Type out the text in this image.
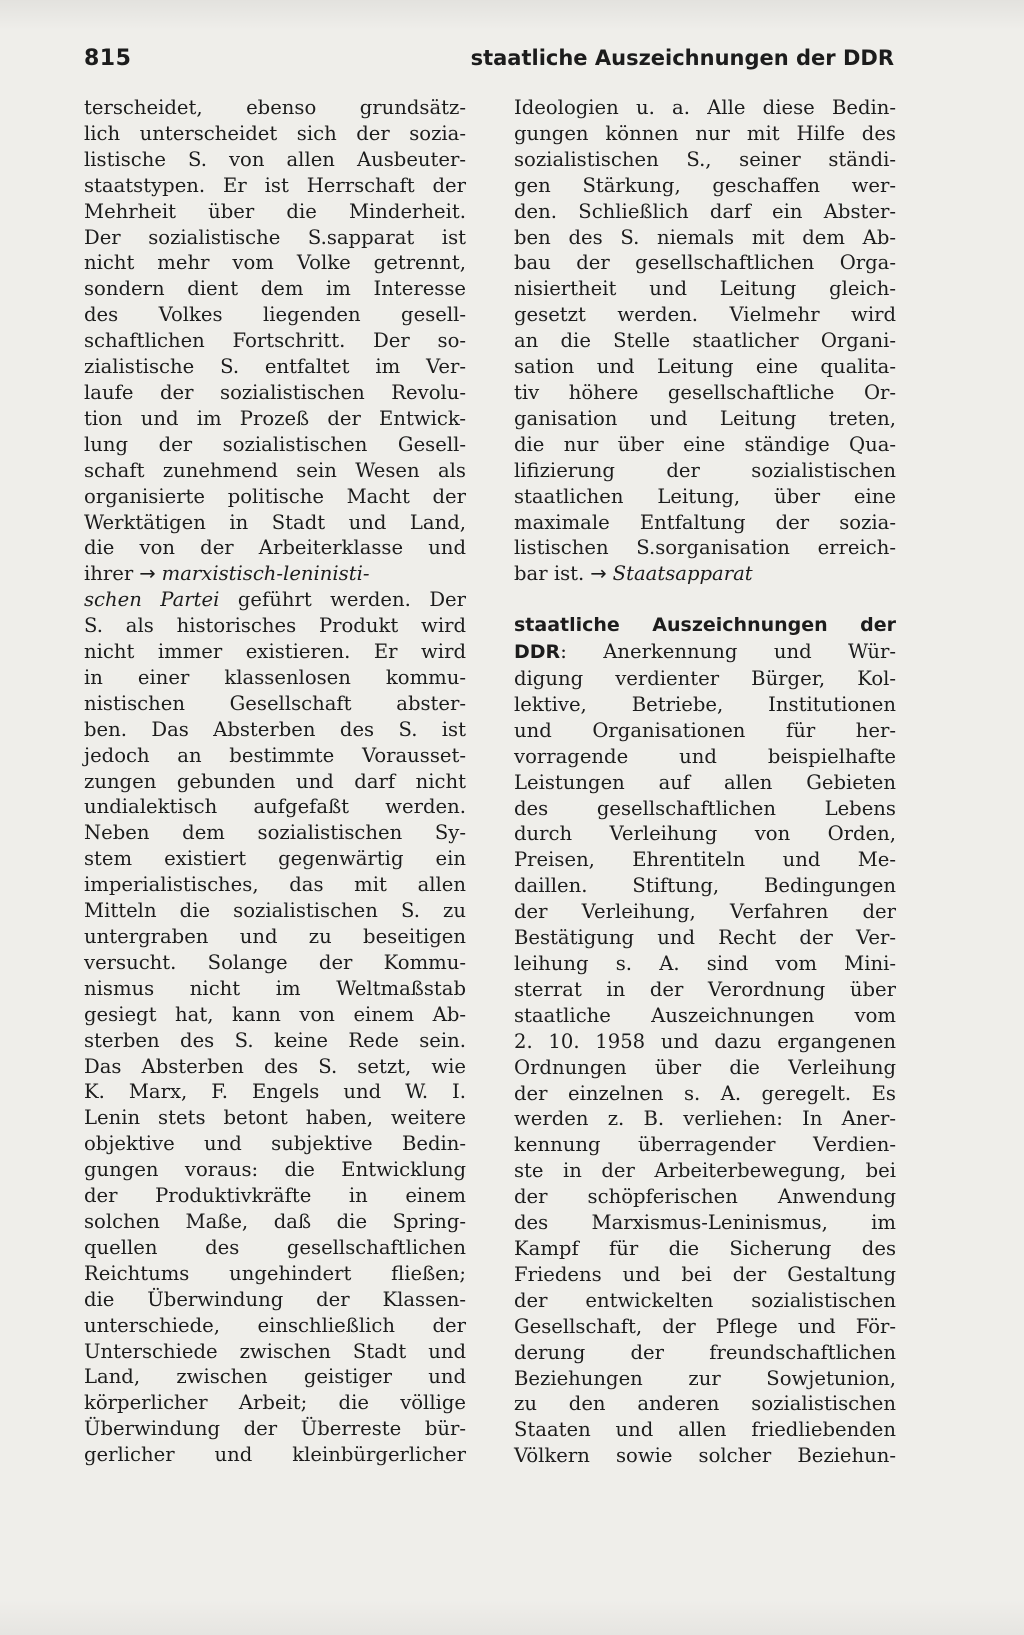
815	staatliche Auszeichnungen der DDR
terscheidet, ebenso grundsätz-
lich unterscheidet sich der sozia-
listische S. von allen Ausbeuter-
staatstypen. Er ist Herrschaft der
Mehrheit über die Minderheit.
Der sozialistische S.sapparat ist
nicht mehr vom Volke getrennt,
sondern dient dem im Interesse
des Volkes liegenden gesell-
schaftlichen Fortschritt. Der so-
zialistische S. entfaltet im Ver-
laufe der sozialistischen Revolu-
tion und im Prozeß der Entwick-
lung der sozialistischen Gesell-
schaft zunehmend sein Wesen als
organisierte politische Macht der
Werktätigen in Stadt und Land,
die von der Arbeiterklasse und
ihrer → marxistisch-leninisti-
schen Partei geführt werden. Der
S. als historisches Produkt wird
nicht immer existieren. Er wird
in einer klassenlosen kommu-
nistischen Gesellschaft abster-
ben. Das Absterben des S. ist
jedoch an bestimmte Vorausset-
zungen gebunden und darf nicht
undialektisch aufgefaßt werden.
Neben dem sozialistischen Sy-
stem existiert gegenwärtig ein
imperialistisches, das mit allen
Mitteln die sozialistischen S. zu
untergraben und zu beseitigen
versucht. Solange der Kommu-
nismus nicht im Weltmaßstab
gesiegt hat, kann von einem Ab-
sterben des S. keine Rede sein.
Das Absterben des S. setzt, wie
K. Marx, F. Engels und W. I.
Lenin stets betont haben, weitere
objektive und subjektive Bedin-
gungen voraus: die Entwicklung
der Produktivkräfte in einem
solchen Maße, daß die Spring-
quellen des gesellschaftlichen
Reichtums ungehindert fließen;
die Überwindung der Klassen-
unterschiede, einschließlich der
Unterschiede zwischen Stadt und
Land, zwischen geistiger und
körperlicher Arbeit; die völlige
Überwindung der Überreste bür-
gerlicher und kleinbürgerlicher
Ideologien u. a. Alle diese Bedin-
gungen können nur mit Hilfe des
sozialistischen S., seiner ständi-
gen Stärkung, geschaffen wer-
den. Schließlich darf ein Abster-
ben des S. niemals mit dem Ab-
bau der gesellschaftlichen Orga-
nisiertheit und Leitung gleich-
gesetzt werden. Vielmehr wird
an die Stelle staatlicher Organi-
sation und Leitung eine qualita-
tiv höhere gesellschaftliche Or-
ganisation und Leitung treten,
die nur über eine ständige Qua-
lifizierung der sozialistischen
staatlichen Leitung, über eine
maximale Entfaltung der sozia-
listischen S.sorganisation erreich-
bar ist. → Staatsapparat
staatliche Auszeichnungen der
DDR: Anerkennung und Wür-
digung verdienter Bürger, Kol-
lektive, Betriebe, Institutionen
und Organisationen für her-
vorragende und beispielhafte
Leistungen auf allen Gebieten
des gesellschaftlichen Lebens
durch Verleihung von Orden,
Preisen, Ehrentiteln und Me-
daillen. Stiftung, Bedingungen
der Verleihung, Verfahren der
Bestätigung und Recht der Ver-
leihung s. A. sind vom Mini-
sterrat in der Verordnung über
staatliche Auszeichnungen vom
2. 10. 1958 und dazu ergangenen
Ordnungen über die Verleihung
der einzelnen s. A. geregelt. Es
werden z. B. verliehen: In Aner-
kennung überragender Verdien-
ste in der Arbeiterbewegung, bei
der schöpferischen Anwendung
des Marxismus-Leninismus, im
Kampf für die Sicherung des
Friedens und bei der Gestaltung
der entwickelten sozialistischen
Gesellschaft, der Pflege und För-
derung der freundschaftlichen
Beziehungen zur Sowjetunion,
zu den anderen sozialistischen
Staaten und allen friedliebenden
Völkern sowie solcher Beziehun-
